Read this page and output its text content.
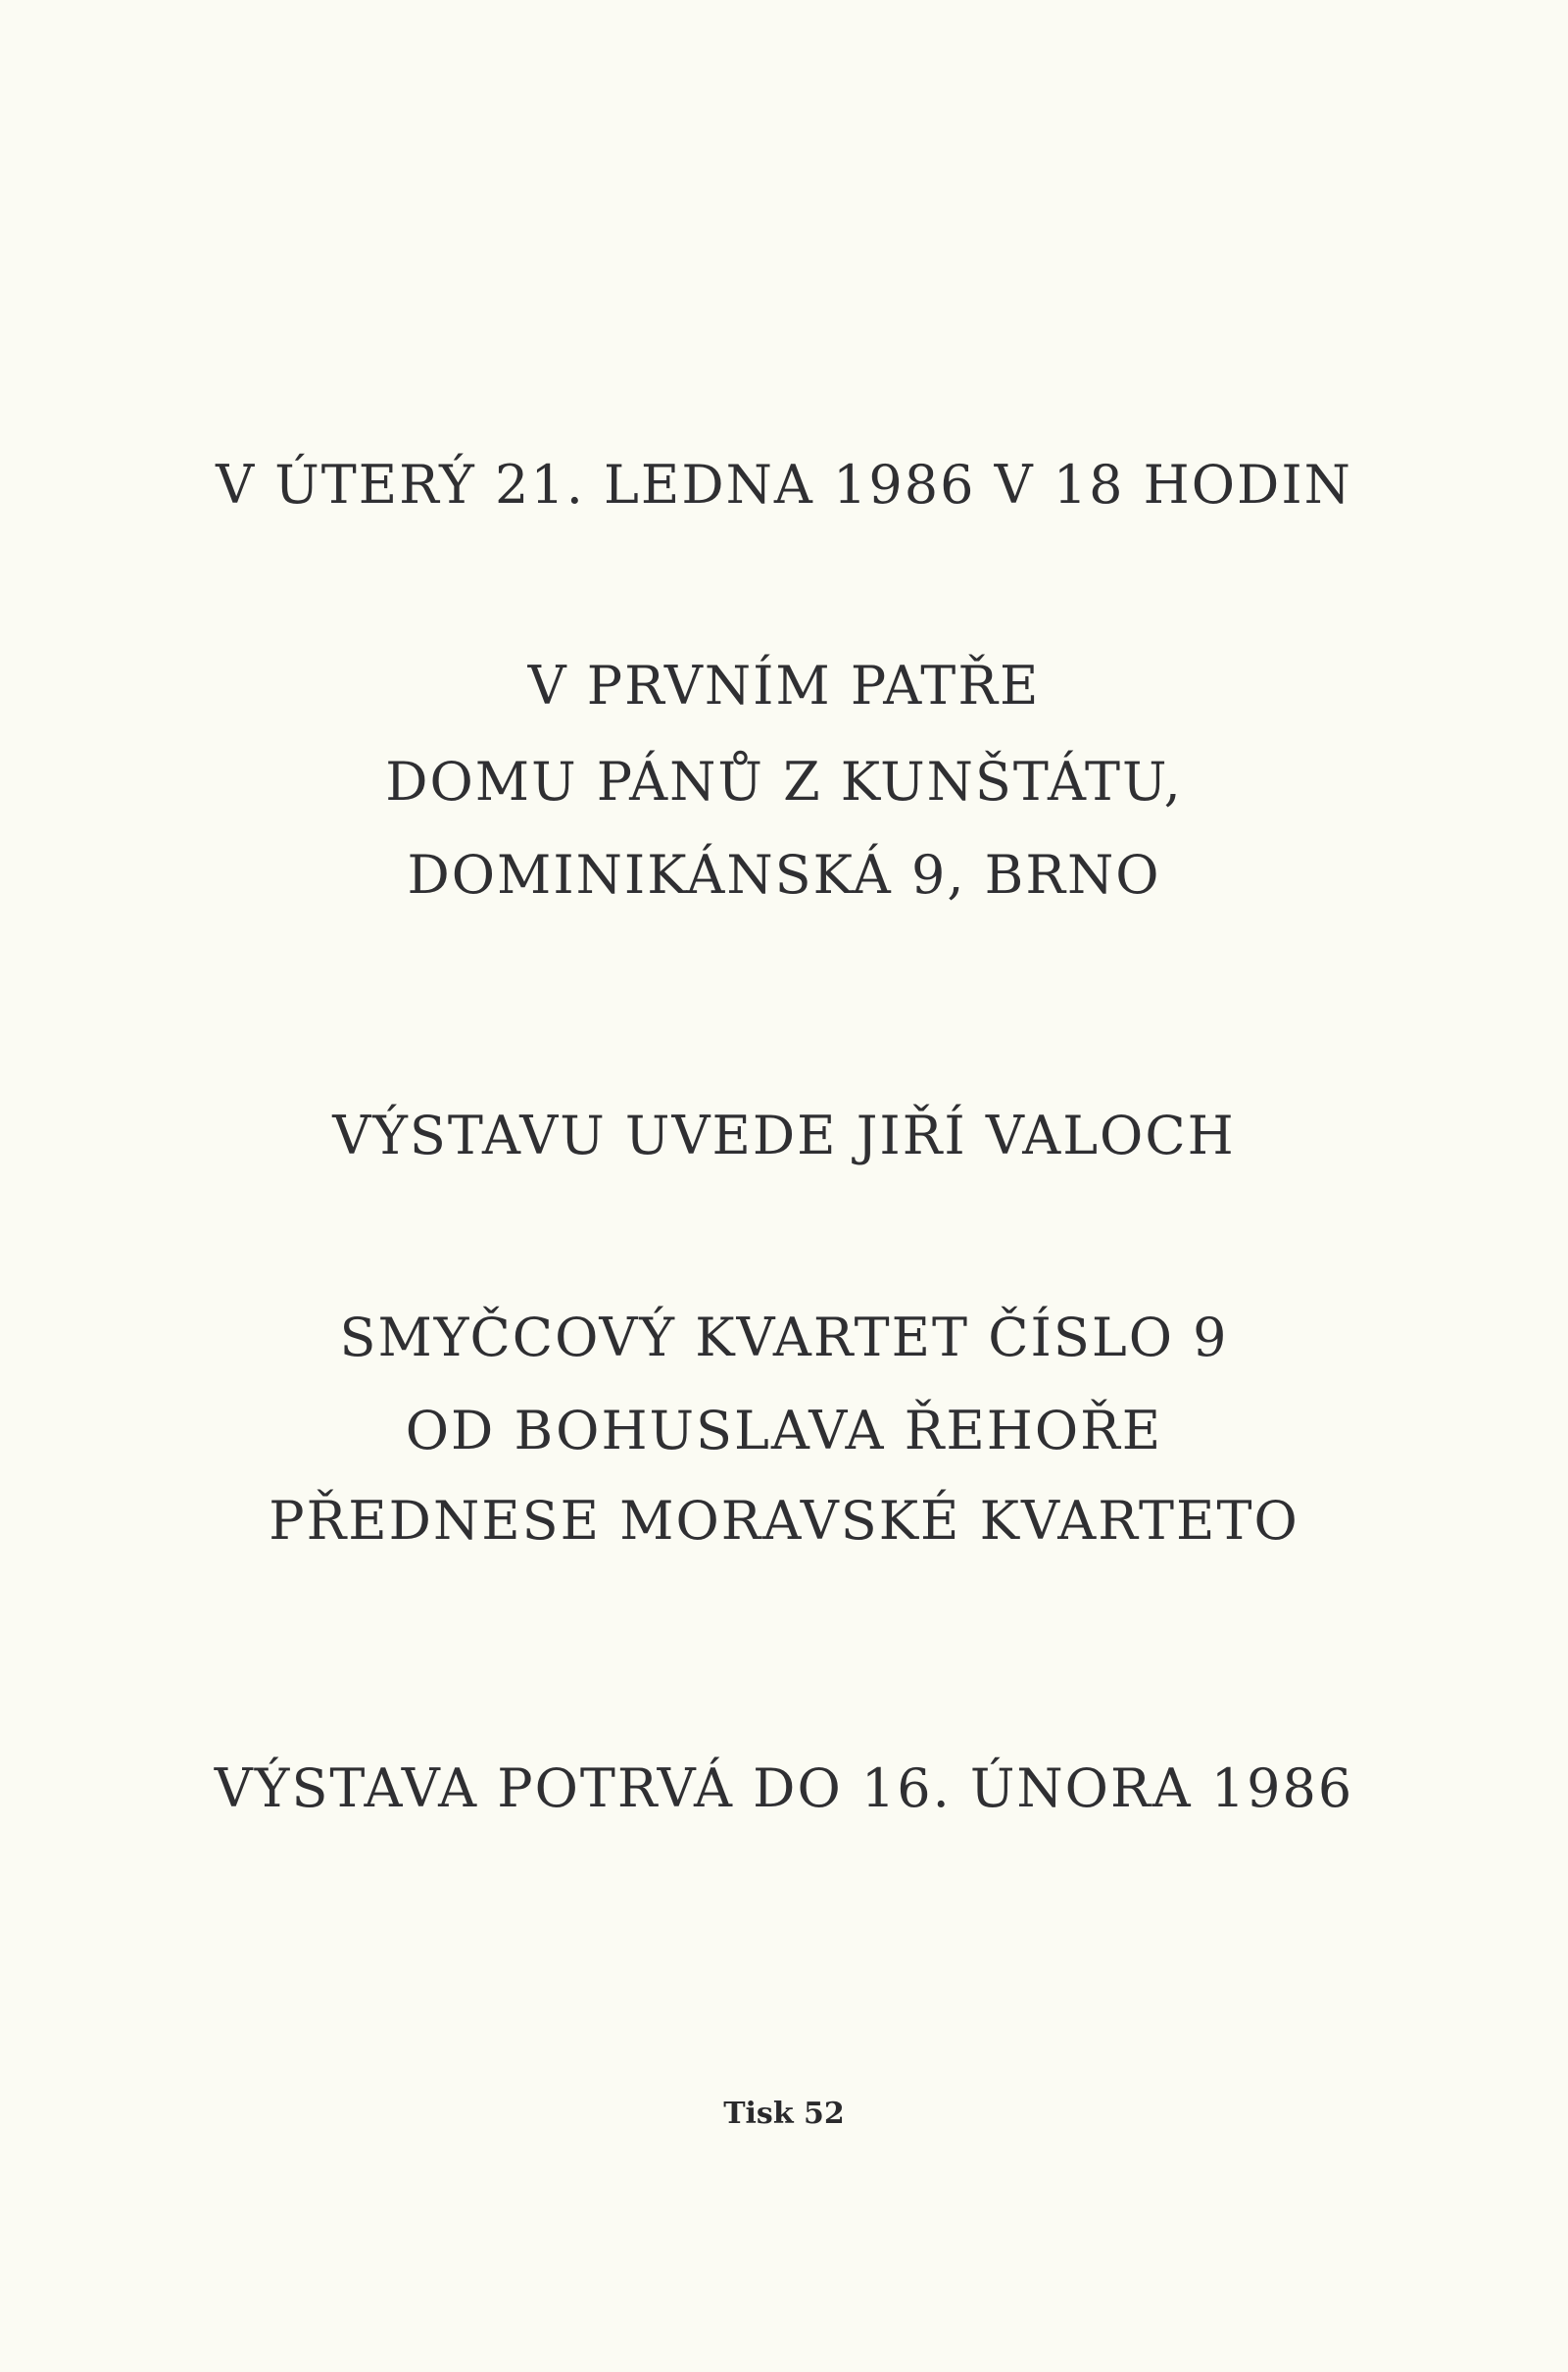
V ÚTERÝ 21. LEDNA 1986 V 18 HODIN
V PRVNÍM PATŘE
DOMU PÁNŮ Z KUNŠTÁTU,
DOMINIKÁNSKÁ 9, BRNO
VÝSTAVU UVEDE JIŘÍ VALOCH
SMYČCOVÝ KVARTET ČÍSLO 9
OD BOHUSLAVA ŘEHOŘE
PŘEDNESE MORAVSKÉ KVARTETO
VÝSTAVA POTRVÁ DO 16. ÚNORA 1986
Tisk 52
